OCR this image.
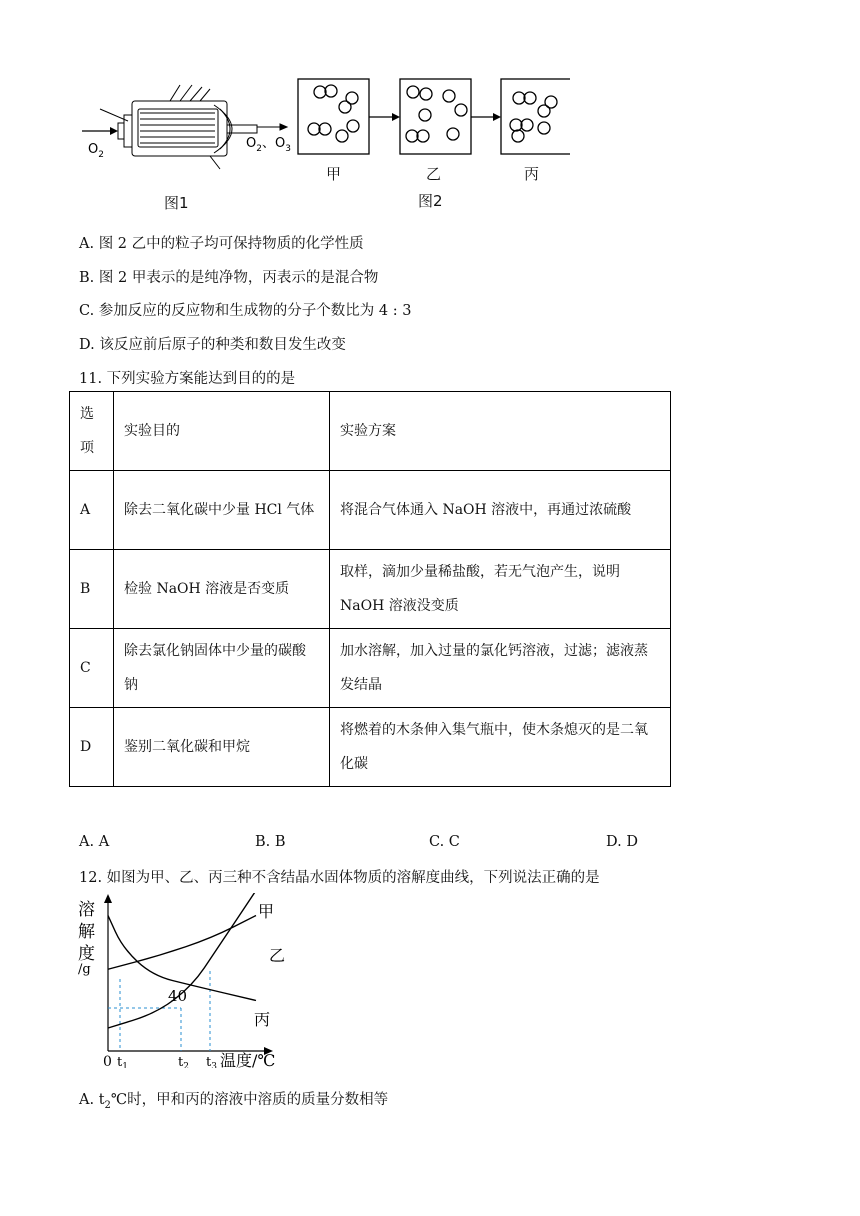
$O_2$
$O_2$、$O_3$
甲	乙	丙
图1	图2
A. 图 2 乙中的粒子均可保持物质的化学性质
B. 图 2 甲表示的是纯净物，丙表示的是混合物
C. 参加反应的反应物和生成物的分子个数比为 4 : 3
D. 该反应前后原子的种类和数目发生改变
11. 下列实验方案能达到目的的是
选
项	实验目的	实验方案
A	除去二氧化碳中少量 HCl 气体	将混合气体通入 NaOH 溶液中，再通过浓硫酸
B	检验 NaOH 溶液是否变质	取样，滴加少量稀盐酸，若无气泡产生，说明 NaOH 溶液没变质
C	除去氯化钠固体中少量的碳酸钠	加水溶解，加入过量的氯化钙溶液，过滤；滤液蒸发结晶
D	鉴别二氧化碳和甲烷	将燃着的木条伸入集气瓶中，使木条熄灭的是二氧化碳
A. A	B. B	C. C	D. D
12. 如图为甲、乙、丙三种不含结晶水固体物质的溶解度曲线，下列说法正确的是
溶
解
度
/g
0 $t_1$	$t_2$ $t_3$ 温度/℃
40
甲
乙
丙
A. $t_2℃$时，甲和丙的溶液中溶质的质量分数相等
